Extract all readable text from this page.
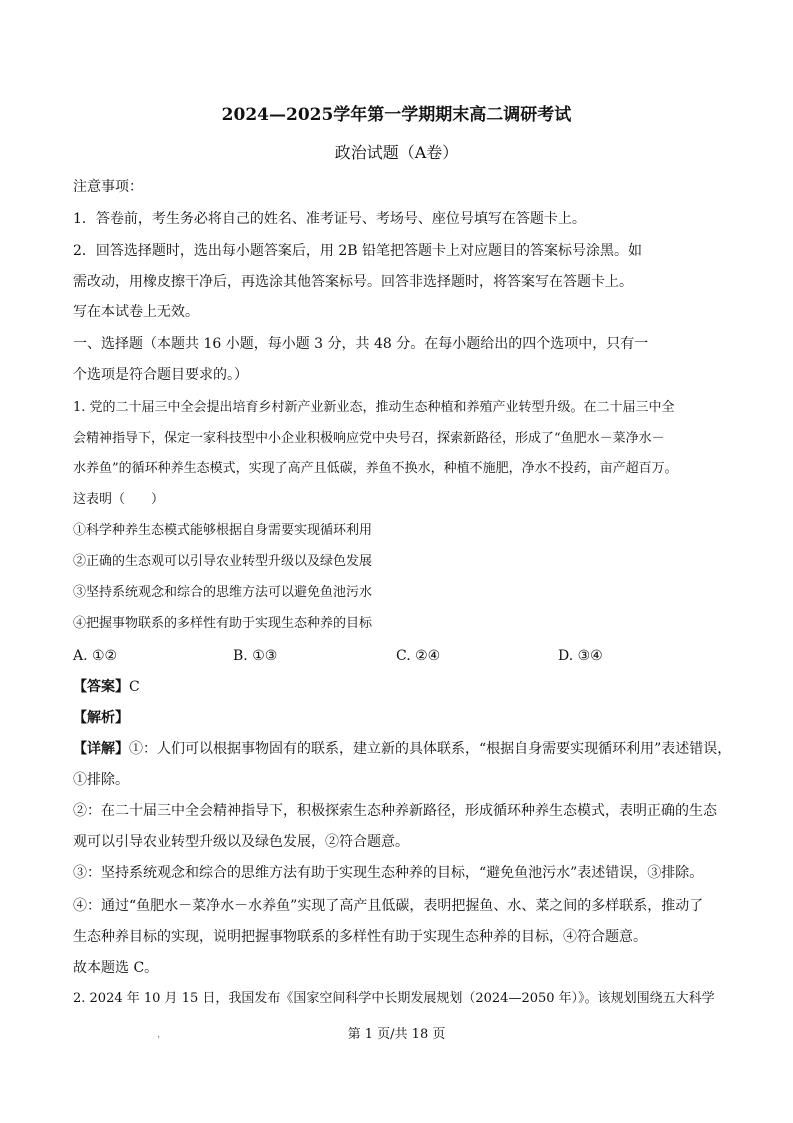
2024—2025学年第一学期期末高二调研考试
政治试题（A卷）
注意事项：
1．答卷前，考生务必将自己的姓名、准考证号、考场号、座位号填写在答题卡上。
2．回答选择题时，选出每小题答案后，用 2B 铅笔把答题卡上对应题目的答案标号涂黑。如
需改动，用橡皮擦干净后，再选涂其他答案标号。回答非选择题时，将答案写在答题卡上。
写在本试卷上无效。
一、选择题（本题共 16 小题，每小题 3 分，共 48 分。在每小题给出的四个选项中，只有一
个选项是符合题目要求的。）
1. 党的二十届三中全会提出培育乡村新产业新业态，推动生态种植和养殖产业转型升级。在二十届三中全
会精神指导下，保定一家科技型中小企业积极响应党中央号召，探索新路径，形成了“鱼肥水－菜净水－
水养鱼”的循环种养生态模式，实现了高产且低碳，养鱼不换水，种植不施肥，净水不投药，亩产超百万。
这表明（　　）
①科学种养生态模式能够根据自身需要实现循环利用
②正确的生态观可以引导农业转型升级以及绿色发展
③坚持系统观念和综合的思维方法可以避免鱼池污水
④把握事物联系的多样性有助于实现生态种养的目标
A. ①②	B. ①③	C. ②④	D. ③④
【答案】C
【解析】
【详解】①：人们可以根据事物固有的联系，建立新的具体联系，“根据自身需要实现循环利用”表述错误，
①排除。
②：在二十届三中全会精神指导下，积极探索生态种养新路径，形成循环种养生态模式，表明正确的生态
观可以引导农业转型升级以及绿色发展，②符合题意。
③：坚持系统观念和综合的思维方法有助于实现生态种养的目标，“避免鱼池污水”表述错误，③排除。
④：通过“鱼肥水－菜净水－水养鱼”实现了高产且低碳，表明把握鱼、水、菜之间的多样联系，推动了
生态种养目标的实现，说明把握事物联系的多样性有助于实现生态种养的目标，④符合题意。
故本题选 C。
2. 2024 年 10 月 15 日，我国发布《国家空间科学中长期发展规划（2024—2050 年）》。该规划围绕五大科学
，	第 1 页/共 18 页
